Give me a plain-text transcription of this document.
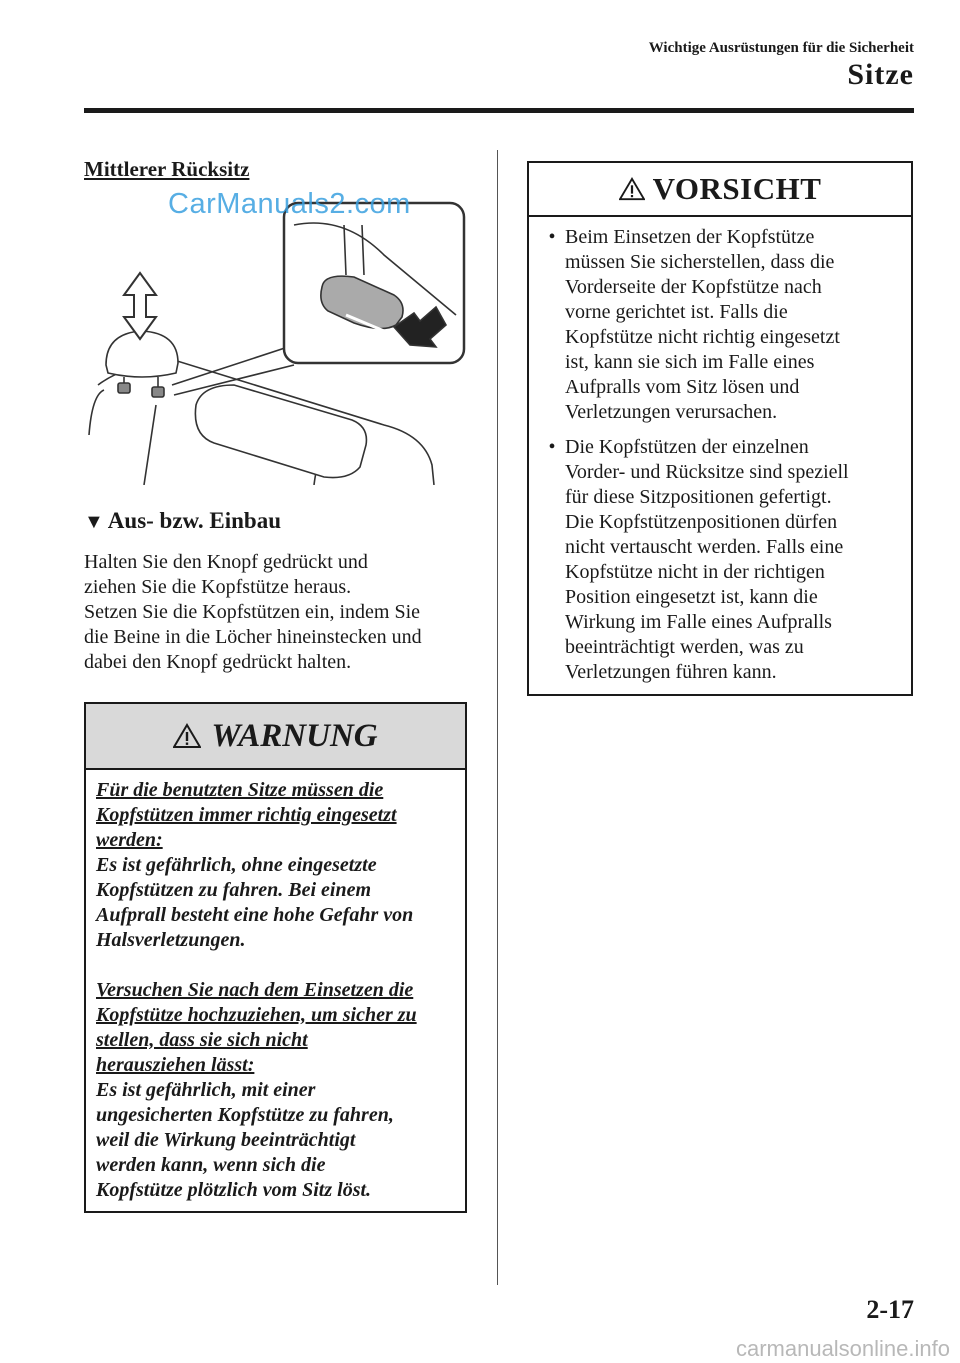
Wichtige Ausrüstungen für die Sicherheit
Sitze
Mittlerer Rücksitz
CarManuals2.com
▼ Aus- bzw. Einbau

Halten Sie den Knopf gedrückt und

ziehen Sie die Kopfstütze heraus.

Setzen Sie die Kopfstützen ein, indem Sie

die Beine in die Löcher hineinstecken und

dabei den Knopf gedrückt halten.

WARNUNG

Für die benutzten Sitze müssen die

Kopfstützen immer richtig eingesetzt

werden:

Es ist gefährlich, ohne eingesetzte

Kopfstützen zu fahren. Bei einem

Aufprall besteht eine hohe Gefahr von

Halsverletzungen.

Versuchen Sie nach dem Einsetzen die

Kopfstütze hochzuziehen, um sicher zu

stellen, dass sie sich nicht

herausziehen lässt:

Es ist gefährlich, mit einer

ungesicherten Kopfstütze zu fahren,

weil die Wirkung beeinträchtigt

werden kann, wenn sich die

Kopfstütze plötzlich vom Sitz löst.

VORSICHT
• Beim Einsetzen der Kopfstütze
müssen Sie sicherstellen, dass die
Vorderseite der Kopfstütze nach
vorne gerichtet ist. Falls die
Kopfstütze nicht richtig eingesetzt
ist, kann sie sich im Falle eines
Aufpralls vom Sitz lösen und
Verletzungen verursachen.
• Die Kopfstützen der einzelnen
Vorder- und Rücksitze sind speziell
für diese Sitzpositionen gefertigt.
Die Kopfstützenpositionen dürfen
nicht vertauscht werden. Falls eine
Kopfstütze nicht in der richtigen
Position eingesetzt ist, kann die
Wirkung im Falle eines Aufpralls
beeinträchtigt werden, was zu
Verletzungen führen kann.
2-17
carmanualsonline.info
